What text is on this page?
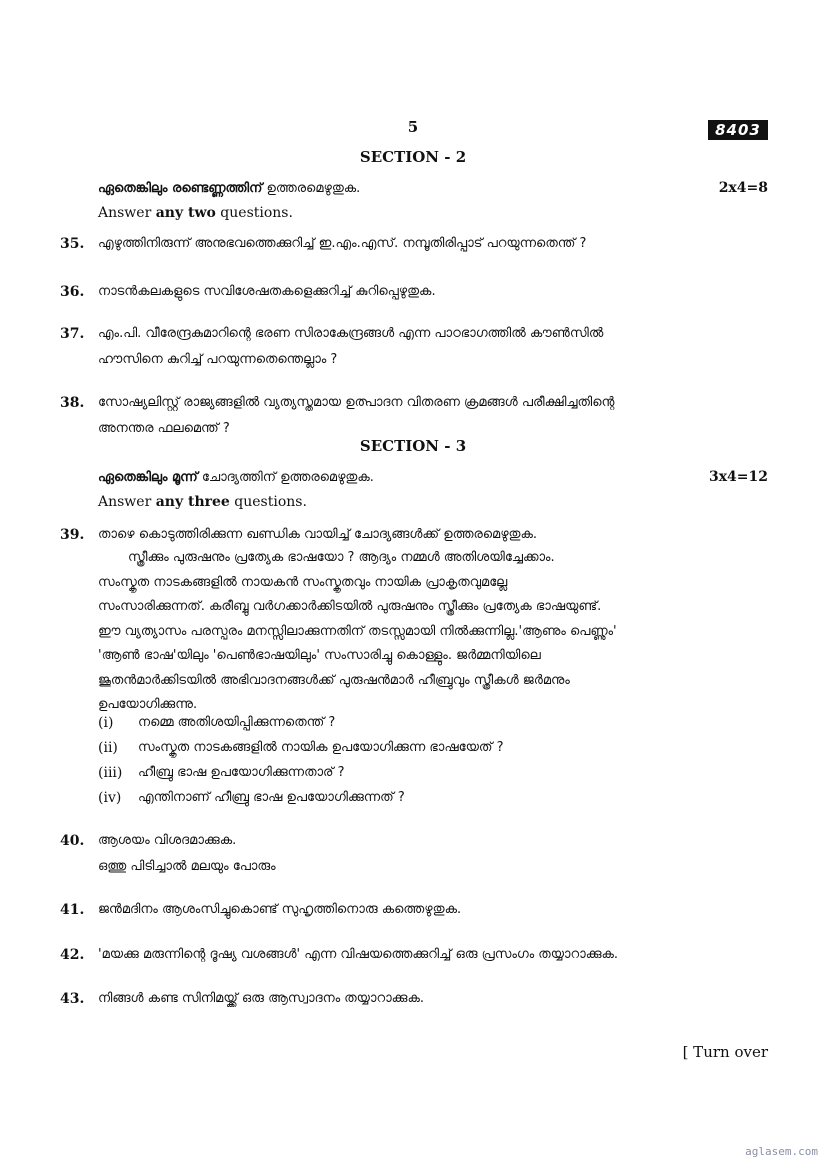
5	8403
SECTION - 2
ഏതെങ്കിലും രണ്ടെണ്ണത്തിന് ഉത്തരമെഴുതുക.	2x4=8
Answer any two questions.
35.	എഴുത്തിനിരുന്ന് അനുഭവത്തെക്കുറിച്ച് ഇ.എം.എസ്. നമ്പൂതിരിപ്പാട് പറയുന്നതെന്ത് ?
36.	നാടൻകലകളുടെ സവിശേഷതകളെക്കുറിച്ച് കുറിപ്പെഴുതുക.
37.	എം.പി. വീരേന്ദ്രകുമാറിന്റെ ഭരണ സിരാകേന്ദ്രങ്ങൾ എന്ന പാഠഭാഗത്തിൽ കൗൺസിൽ
ഹൗസിനെ കുറിച്ച് പറയുന്നതെന്തെല്ലാം ?
38.	സോഷ്യലിസ്റ്റ് രാജ്യങ്ങളിൽ വ്യത്യസ്തമായ ഉത്പാദന വിതരണ ക്രമങ്ങൾ പരീക്ഷിച്ചതിന്റെ
അനന്തര ഫലമെന്ത് ?
SECTION - 3
ഏതെങ്കിലും മൂന്ന് ചോദ്യത്തിന് ഉത്തരമെഴുതുക.	3x4=12
Answer any three questions.
39.	താഴെ കൊടുത്തിരിക്കുന്ന ഖണ്ഡിക വായിച്ച് ചോദ്യങ്ങൾക്ക് ഉത്തരമെഴുതുക.
സ്ത്രീക്കും പുരുഷനും പ്രത്യേക ഭാഷയോ ? ആദ്യം നമ്മൾ അതിശയിച്ചേക്കാം.
സംസ്കൃത നാടകങ്ങളിൽ നായകൻ സംസ്കൃതവും നായിക പ്രാകൃതവുമല്ലേ
സംസാരിക്കുന്നത്. കരീബ്ബു വർഗക്കാർക്കിടയിൽ പുരുഷനും സ്ത്രീക്കും പ്രത്യേക ഭാഷയുണ്ട്.
ഈ വ്യത്യാസം പരസ്പരം മനസ്സിലാക്കുന്നതിന് തടസ്സമായി നിൽക്കുന്നില്ല.'ആണും പെണ്ണും'
'ആൺ ഭാഷ'യിലും 'പെൺഭാഷയിലും' സംസാരിച്ചു കൊള്ളും. ജർമ്മനിയിലെ
ജൂതൻമാർക്കിടയിൽ അഭിവാദനങ്ങൾക്ക് പുരുഷൻമാർ ഹീബ്രുവും സ്ത്രീകൾ ജർമനും
ഉപയോഗിക്കുന്നു.
(i) നമ്മെ അതിശയിപ്പിക്കുന്നതെന്ത് ?
(ii) സംസ്കൃത നാടകങ്ങളിൽ നായിക ഉപയോഗിക്കുന്ന ഭാഷയേത് ?
(iii) ഹീബ്രു ഭാഷ ഉപയോഗിക്കുന്നതാര് ?
(iv) എന്തിനാണ് ഹീബ്രു ഭാഷ ഉപയോഗിക്കുന്നത് ?
40.	ആശയം വിശദമാക്കുക.
ഒത്തു പിടിച്ചാൽ മലയും പോരും
41.	ജൻമദിനം ആശംസിച്ചുകൊണ്ട് സുഹൃത്തിനൊരു കത്തെഴുതുക.
42.	'മയക്കു മരുന്നിന്റെ ദൂഷ്യ വശങ്ങൾ' എന്ന വിഷയത്തെക്കുറിച്ച് ഒരു പ്രസംഗം തയ്യാറാക്കുക.
43.	നിങ്ങൾ കണ്ട സിനിമയ്ക്ക് ഒരു ആസ്വാദനം തയ്യാറാക്കുക.
[ Turn over
aglasem.com
